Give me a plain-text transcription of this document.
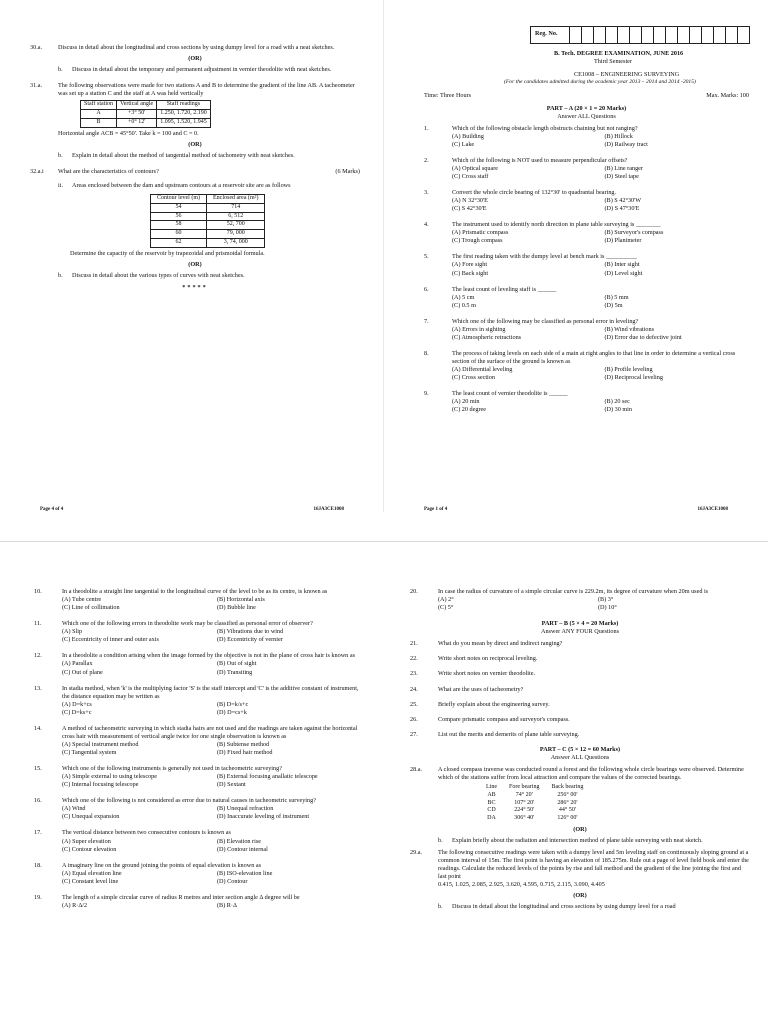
30.a.	Discuss in detail about the longitudinal and cross sections by using dumpy level for a road with a neat sketches.
(OR)
b. Discuss in detail about the temporary and permanent adjustment in vernier theodolite with neat sketches.
31.a.	The following observations were made for two stations A and B to determine the gradient of the line AB. A tacheometer was set up a station C and the staff at A was held vertically
Staff station	Vertical angle	Staff readings
A	+3° 50'	1.250, 1.720, 2.190
B	+0° 12'	1.095, 1.520, 1.945
Horizontal angle ACB = 45°50'. Take k = 100 and C = 0.
(OR)
b. Explain in detail about the method of tangential method of tachometry with neat sketches.
32.a.i What are the characteristics of contours?	(6 Marks)
ii. Areas enclosed between the dam and upstream contours at a reservoir site are as follows
Contour level (m)	Enclosed area (m²)
54	714
56	6, 512
58	52, 700
60	79, 000
62	3, 74, 000
Determine the capacity of the reservoir by trapezoidal and prismoidal formula.
(OR)
b. Discuss in detail about the various types of curves with neat sketches.
*****
Page 4 of 4	16JA3CE1008
Reg. No.
B. Tech. DEGREE EXAMINATION, JUNE 2016
Third Semester
CE1008 – ENGINEERING SURVEYING
(For the candidates admitted during the academic year 2013 – 2014 and 2014 -2015)
Time: Three Hours	Max. Marks: 100
PART – A (20 × 1 = 20 Marks)
Answer ALL Questions
1.	Which of the following obstacle length obstructs chaining but not ranging?
(A) Building	(B) Hillock
(C) Lake	(D) Railway tract
2.	Which of the following is NOT used to measure perpendicular offsets?
(A) Optical square	(B) Line ranger
(C) Cross staff	(D) Steel tape
3.	Convert the whole circle bearing of 132°30' to quadrantal bearing.
(A) N 32°30'E	(B) S 42°30'W
(C) S 42°30'E	(D) S 47°30'E
4.	The instrument used to identify north direction in plane table surveying is ________
(A) Prismatic compass	(B) Surveyor's compass
(C) Trough compass	(D) Planimeter
5.	The first reading taken with the dumpy level at bench mark is __________
(A) Fore sight	(B) Inter sight
(C) Back sight	(D) Level sight
6.	The least count of leveling staff is ______
(A) 5 cm	(B) 5 mm
(C) 0.5 m	(D) 5m
7.	Which one of the following may be classified as personal error in leveling?
(A) Errors in sighting	(B) Wind vibrations
(C) Atmospheric retractions	(D) Error due to defective joint
8.	The process of taking levels on each side of a main at right angles to that line in order to determine a vertical cross section of the surface of the ground is known as
(A) Differential leveling	(B) Profile leveling
(C) Cross section	(D) Reciprocal leveling
9.	The least count of vernier theodolite is ______
(A) 20 min	(B) 20 sec
(C) 20 degree	(D) 30 min
Page 1 of 4	16JA3CE1008
10.	In a theodolite a straight line tangential to the longitudinal curve of the level to be as its centre, is known as
(A) Tube centre	(B) Horizontal axis
(C) Line of collimation	(D) Bubble line
11.	Which one of the following errors in theodolite work may be classified as personal error of observer?
(A) Slip	(B) Vibrations due to wind
(C) Eccentricity of inner and outer axis	(D) Eccentricity of vernier
12.	In a theodolite a condition arising when the image formed by the objective is not in the plane of cross hair is known as
(A) Parallax	(B) Out of sight
(C) Out of plane	(D) Transiting
13.	In stadia method, when 'k' is the multiplying factor 'S' is the staff intercept and 'C' is the additive constant of instrument, the distance equation may be written as
(A) D=k+cs	(B) D=k/s+c
(C) D=ks+c	(D) D=cs+k
14.	A method of tacheometric surveying in which stadia hairs are not used and the readings are taken against the horizontal cross hair with measurement of vertical angle twice for one single observation is known as
(A) Special instrument method	(B) Subtense method
(C) Tangential system	(D) Fixed hair method
15.	Which one of the following instruments is generally not used in tacheometric surveying?
(A) Simple external to using telescope	(B) External focusing anallatic telescope
(C) Internal focusing telescope	(D) Sextant
16.	Which one of the following is not considered as error due to natural causes in tacheometric surveying?
(A) Wind	(B) Unequal refraction
(C) Unequal expansion	(D) Inaccurate leveling of instrument
17.	The vertical distance between two consecutive contours is known as
(A) Super elevation	(B) Elevation rise
(C) Contour elevation	(D) Contour internal
18.	A imaginary line on the ground joining the points of equal elevation is known as
(A) Equal elevation line	(B) ISO-elevation line
(C) Constant level line	(D) Contour
19.	The length of a simple circular curve of radius R metres and inter section angle Δ degree will be
(A) R·Δ/2	(B) R·Δ
20.	In case the radius of curvature of a simple circular curve is 229.2m, its degree of curvature when 20m used is
(A) 2°	(B) 3°
(C) 5°	(D) 10°
PART – B (5 × 4 = 20 Marks)
Answer ANY FOUR Questions
21.	What do you mean by direct and indirect ranging?
22.	Write short notes on reciprocal leveling.
23.	Write short notes on vernier theodolite.
24.	What are the uses of tacheometry?
25.	Briefly explain about the engineering survey.
26.	Compare prismatic compass and surveyor's compass.
27.	List out the merits and demerits of plane table surveying.
PART – C (5 × 12 = 60 Marks)
Answer ALL Questions
28.a.	A closed compass traverse was conducted round a forest and the following whole circle bearings were observed. Determine which of the stations suffer from local attraction and compare the values of the corrected bearings.
Line	Fore bearing	Back bearing
AB	74° 20'	256° 00'
BC	107° 20'	286° 20'
CD	224° 50'	44° 50'
DA	306° 40'	126° 00'
(OR)
b. Explain briefly about the radiation and intersection method of plane table surveying with neat sketch.
29.a.	The following consecutive readings were taken with a dumpy level and 5m leveling staff on continuously sloping ground at a common interval of 15m. The first point is having an elevation of 185.275m. Rule out a page of level field book and enter the readings. Calculate the reduced levels of the points by rise and fall method and the gradient of the line joining the first and last point
0.415, 1.025, 2.085, 2.925, 3.620, 4.595, 0.715, 2.115, 3.090, 4.405
(OR)
b. Discuss in detail about the longitudinal and cross sections by using dumpy level for a road
